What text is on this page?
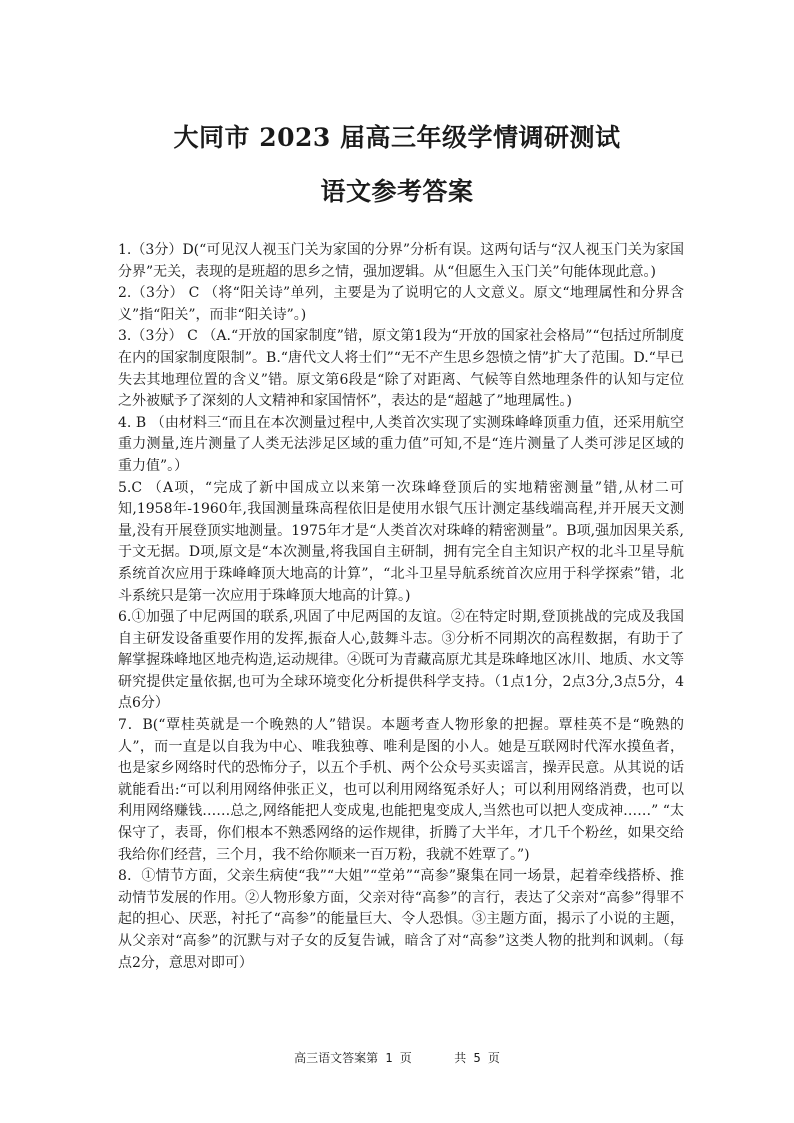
大同市 2023 届高三年级学情调研测试
语文参考答案

1.（3分）D(“可见汉人视玉门关为家国的分界”分析有误。这两句话与“汉人视玉门关为家国分界”无关，表现的是班超的思乡之情，强加逻辑。从“但愿生入玉门关”句能体现此意。)

2.（3分） C （将“阳关诗”单列，主要是为了说明它的人文意义。原文“地理属性和分界含义”指“阳关”，而非“阳关诗”。)

3.（3分） C （A.“开放的国家制度”错，原文第1段为“开放的国家社会格局”“包括过所制度在内的国家制度限制”。B.“唐代文人将士们”“无不产生思乡怨愤之情”扩大了范围。D.“早已失去其地理位置的含义”错。原文第6段是“除了对距离、气候等自然地理条件的认知与定位之外被赋予了深刻的人文精神和家国情怀”，表达的是“超越了”地理属性。)

4. B （由材料三“而且在本次测量过程中,人类首次实现了实测珠峰峰顶重力值，还采用航空重力测量,连片测量了人类无法涉足区域的重力值”可知,不是“连片测量了人类可涉足区域的重力值”。）

5.C （A项，“完成了新中国成立以来第一次珠峰登顶后的实地精密测量”错,从材二可知,1958年-1960年,我国测量珠高程依旧是使用水银气压计测定基线端高程,并开展天文测量,没有开展登顶实地测量。1975年才是“人类首次对珠峰的精密测量”。B项,强加因果关系,于文无据。D项,原文是“本次测量,将我国自主研制，拥有完全自主知识产权的北斗卫星导航系统首次应用于珠峰峰顶大地高的计算”，“北斗卫星导航系统首次应用于科学探索”错，北斗系统只是第一次应用于珠峰顶大地高的计算。)

6.①加强了中尼两国的联系,巩固了中尼两国的友谊。②在特定时期,登顶挑战的完成及我国自主研发设备重要作用的发挥,振奋人心,鼓舞斗志。③分析不同期次的高程数据，有助于了解掌握珠峰地区地壳构造,运动规律。④既可为青藏高原尤其是珠峰地区冰川、地质、水文等研究提供定量依据,也可为全球环境变化分析提供科学支持。（1点1分，2点3分,3点5分，4点6分）

7．B(“覃桂英就是一个晚熟的人”错误。本题考查人物形象的把握。覃桂英不是“晚熟的人”，而一直是以自我为中心、唯我独尊、唯利是图的小人。她是互联网时代浑水摸鱼者，也是家乡网络时代的恐怖分子，以五个手机、两个公众号买卖谣言，操弄民意。从其说的话就能看出:“可以利用网络伸张正义，也可以利用网络冤杀好人；可以利用网络消费，也可以利用网络赚钱……总之,网络能把人变成鬼,也能把鬼变成人,当然也可以把人变成神……” “太保守了，表哥，你们根本不熟悉网络的运作规律，折腾了大半年，才几千个粉丝，如果交给我给你们经营，三个月，我不给你顺来一百万粉，我就不姓覃了。”)

8．①情节方面，父亲生病使“我”“大姐”“堂弟”“高参”聚集在同一场景，起着牵线搭桥、推动情节发展的作用。②人物形象方面，父亲对待“高参”的言行，表达了父亲对“高参”得罪不起的担心、厌恶，衬托了“高参”的能量巨大、令人恐惧。③主题方面，揭示了小说的主题，从父亲对“高参”的沉默与对子女的反复告诫，暗含了对“高参”这类人物的批判和讽刺。（每点2分，意思对即可）

高三语文答案第 1 页	共 5 页
